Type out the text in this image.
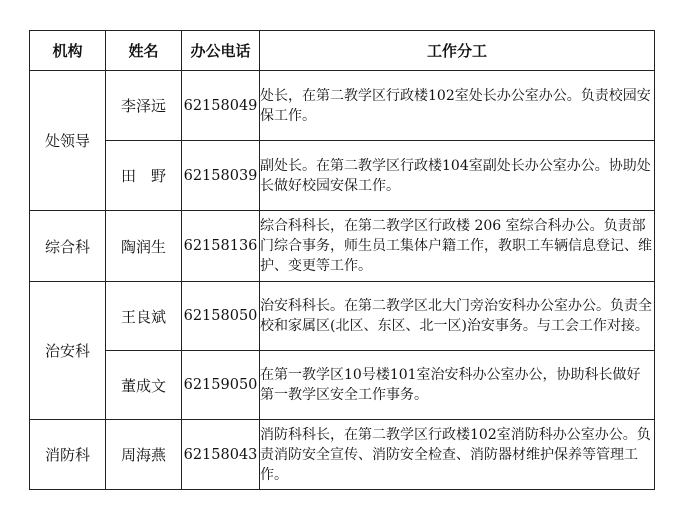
机构	姓名	办公电话	工作分工
处领导	李泽远	62158049	处长，在第二教学区行政楼102室处长办公室办公。负责校园安保工作。

	田　野	62158039	副处长。在第二教学区行政楼104室副处长办公室办公。协助处长做好校园安保工作。

综合科	陶润生	62158136	综合科科长，在第二教学区行政楼 206 室综合科办公。负责部门综合事务，师生员工集体户籍工作，教职工车辆信息登记、维护、变更等工作。

治安科	王良斌	62158050	治安科科长。在第二教学区北大门旁治安科办公室办公。负责全校和家属区(北区、东区、北一区)治安事务。与工会工作对接。

	董成文	62159050	在第一教学区10号楼101室治安科办公室办公，协助科长做好第一教学区安全工作事务。

消防科	周海燕	62158043	消防科科长，在第二教学区行政楼102室消防科办公室办公。负责消防安全宣传、消防安全检查、消防器材维护保养等管理工作。
